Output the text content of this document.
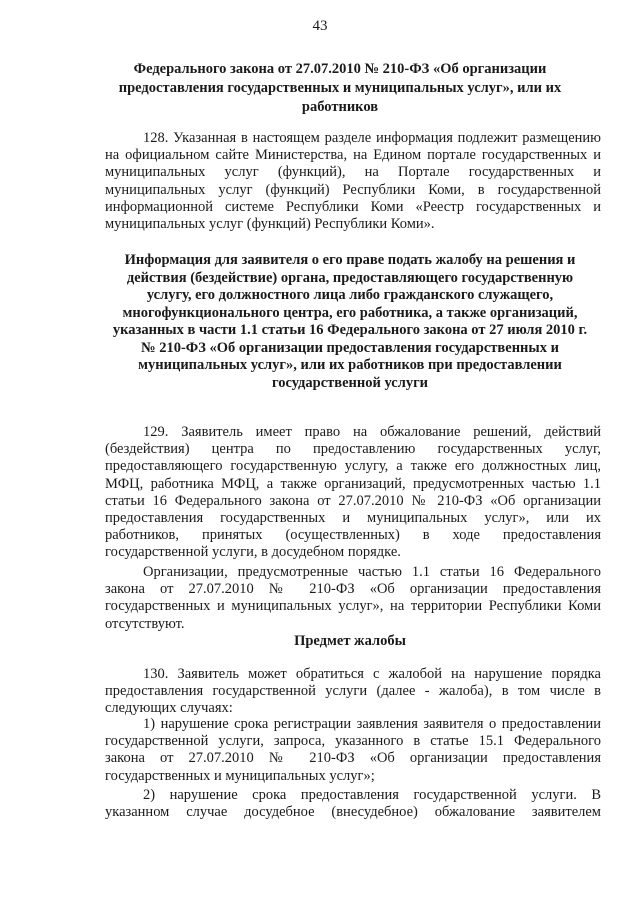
43
Федерального закона от 27.07.2010 № 210-ФЗ «Об организации
предоставления государственных и муниципальных услуг», или их
работников
128. Указанная в настоящем разделе информация подлежит размещению
на официальном сайте Министерства, на Едином портале государственных и
муниципальных услуг (функций), на Портале государственных и
муниципальных услуг (функций) Республики Коми, в государственной
информационной системе Республики Коми «Реестр государственных и
муниципальных услуг (функций) Республики Коми».
Информация для заявителя о его праве подать жалобу на решения и
действия (бездействие) органа, предоставляющего государственную
услугу, его должностного лица либо гражданского служащего,
многофункционального центра, его работника, а также организаций,
указанных в части 1.1 статьи 16 Федерального закона от 27 июля 2010 г.
№ 210-ФЗ «Об организации предоставления государственных и
муниципальных услуг», или их работников при предоставлении
государственной услуги
129. Заявитель имеет право на обжалование решений, действий
(бездействия) центра по предоставлению государственных услуг,
предоставляющего государственную услугу, а также его должностных лиц,
МФЦ, работника МФЦ, а также организаций, предусмотренных частью 1.1
статьи 16 Федерального закона от 27.07.2010 № 210-ФЗ «Об организации
предоставления государственных и муниципальных услуг», или их
работников, принятых (осуществленных) в ходе предоставления
государственной услуги, в досудебном порядке.
Организации, предусмотренные частью 1.1 статьи 16 Федерального
закона от 27.07.2010 № 210-ФЗ «Об организации предоставления
государственных и муниципальных услуг», на территории Республики Коми
отсутствуют.
Предмет жалобы
130. Заявитель может обратиться с жалобой на нарушение порядка
предоставления государственной услуги (далее - жалоба), в том числе в
следующих случаях:
1) нарушение срока регистрации заявления заявителя о предоставлении
государственной услуги, запроса, указанного в статье 15.1 Федерального
закона от 27.07.2010 № 210-ФЗ «Об организации предоставления
государственных и муниципальных услуг»;
2) нарушение срока предоставления государственной услуги. В
указанном случае досудебное (внесудебное) обжалование заявителем
